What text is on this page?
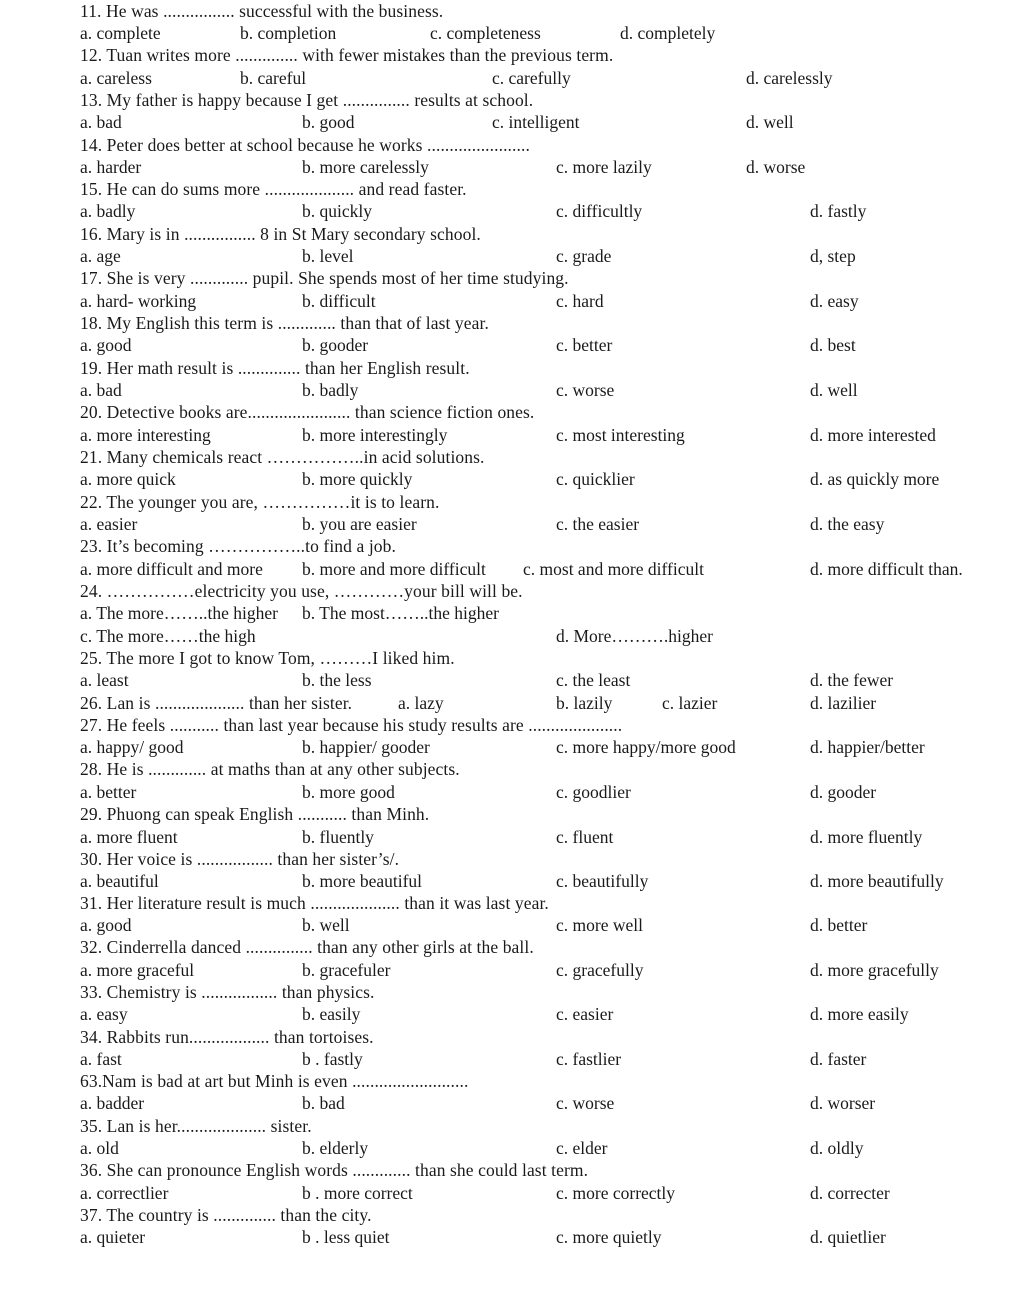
11. He was ................ successful with the business.
a. complete	b. completion	c. completeness	d. completely
12. Tuan writes more .............. with fewer mistakes than the previous term.
a. careless	b. careful	c. carefully	d. carelessly
13. My father is happy because I get ............... results at school.
a. bad	b. good	c. intelligent	d. well
14. Peter does better at school because he works .......................
a. harder	b. more carelessly	c. more lazily	d. worse
15. He can do sums more .................... and read faster.
a. badly	b. quickly	c. difficultly	d. fastly
16. Mary is in ................ 8 in St Mary secondary school.
a. age	b. level	c. grade	d, step
17. She is very ............. pupil. She spends most of her time studying.
a. hard- working	b. difficult	c. hard	d. easy
18. My English this term is ............. than that of last year.
a. good	b. gooder	c. better	d. best
19. Her math result is .............. than her English result.
a. bad	b. badly	c. worse	d. well
20. Detective books are....................... than science fiction ones.
a. more interesting	b. more interestingly	c. most interesting	d. more interested
21. Many chemicals react ……………..in acid solutions.
a. more quick	b. more quickly	c. quicklier	d. as quickly more
22. The younger you are, ……………it is to learn.
a. easier	b. you are easier	c. the easier	d. the easy
23. It’s becoming ……………..to find a job.
a. more difficult and more b. more and more difficult c. most and more difficult	d. more difficult than.
24. ……………electricity you use, …………your bill will be.
a. The more……..the higher b. The most……..the higher
c. The more……the high	d. More……….higher
25. The more I got to know Tom, ………I liked him.
a. least	b. the less	c. the least	d. the fewer
26. Lan is .................... than her sister.	a. lazy	b. lazily	c. lazier	d. lazilier
27. He feels ........... than last year because his study results are .....................
a. happy/ good	b. happier/ gooder	c. more happy/more good	d. happier/better
28. He is ............. at maths than at any other subjects.
a. better	b. more good	c. goodlier	d. gooder
29. Phuong can speak English ........... than Minh.
a. more fluent	b. fluently	c. fluent	d. more fluently
30. Her voice is ................. than her sister’s/.
a. beautiful	b. more beautiful	c. beautifully	d. more beautifully
31. Her literature result is much .................... than it was last year.
a. good	b. well	c. more well	d. better
32. Cinderrella danced ............... than any other girls at the ball.
a. more graceful	b. gracefuler	c. gracefully	d. more gracefully
33. Chemistry is ................. than physics.
a. easy	b. easily	c. easier	d. more easily
34. Rabbits run.................. than tortoises.
a. fast	b . fastly	c. fastlier	d. faster
63.Nam is bad at art but Minh is even ..........................
a. badder	b. bad	c. worse	d. worser
35. Lan is her.................... sister.
a. old	b. elderly	c. elder	d. oldly
36. She can pronounce English words ............. than she could last term.
a. correctlier	b . more correct	c. more correctly	d. correcter
37. The country is .............. than the city.
a. quieter	b . less quiet	c. more quietly	d. quietlier
